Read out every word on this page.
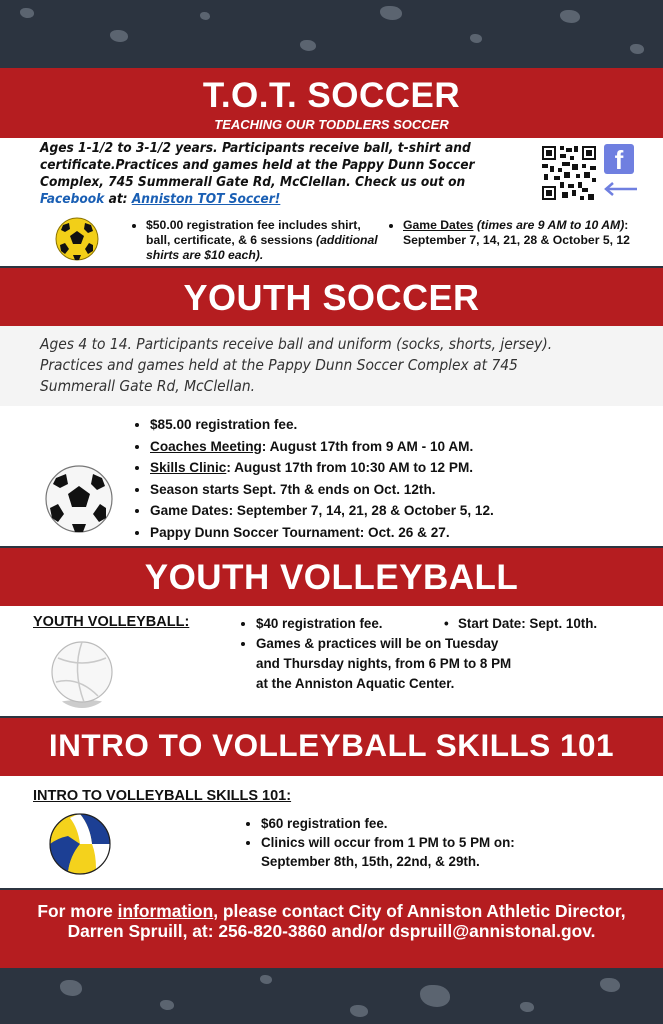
T.O.T. SOCCER
TEACHING OUR TODDLERS SOCCER
Ages 1-1/2 to 3-1/2 years. Participants receive ball, t-shirt and certificate.Practices and games held at the Pappy Dunn Soccer Complex, 745 Summerall Gate Rd, McClellan. Check us out on Facebook at: Anniston TOT Soccer!
f
• $50.00 registration fee includes shirt, ball, certificate, & 6 sessions (additional shirts are $10 each).
• Game Dates (times are 9 AM to 10 AM): September 7, 14, 21, 28 & October 5, 12
YOUTH SOCCER
Ages 4 to 14. Participants receive ball and uniform (socks, shorts, jersey). Practices and games held at the Pappy Dunn Soccer Complex at 745 Summerall Gate Rd, McClellan.
• $85.00 registration fee.
• Coaches Meeting: August 17th from 9 AM - 10 AM.
• Skills Clinic: August 17th from 10:30 AM to 12 PM.
• Season starts Sept. 7th & ends on Oct. 12th.
• Game Dates: September 7, 14, 21, 28 & October 5, 12.
• Pappy Dunn Soccer Tournament: Oct. 26 & 27.
YOUTH VOLLEYBALL
YOUTH VOLLEYBALL:
•	$40 registration fee.	• Start Date: Sept. 10th.
• Games & practices will be on Tuesday and Thursday nights, from 6 PM to 8 PM at the Anniston Aquatic Center.
INTRO TO VOLLEYBALL SKILLS 101
INTRO TO VOLLEYBALL SKILLS 101:
• $60 registration fee.
• Clinics will occur from 1 PM to 5 PM on: September 8th, 15th, 22nd, & 29th.
For more information, please contact City of Anniston Athletic Director, Darren Spruill, at: 256-820-3860 and/or dspruill@annistonal.gov.
